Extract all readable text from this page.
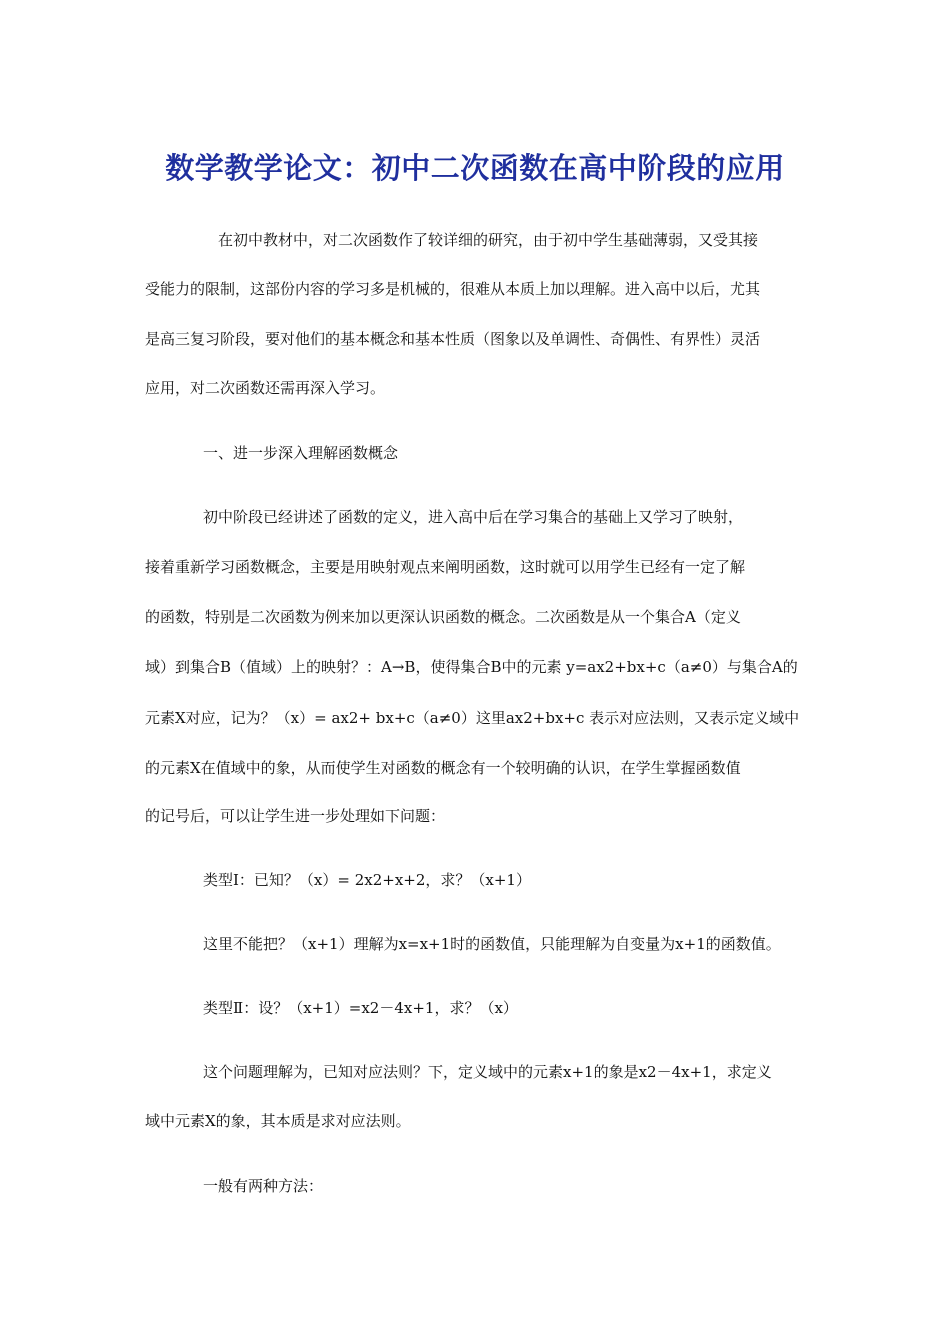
数学教学论文：初中二次函数在高中阶段的应用
在初中教材中，对二次函数作了较详细的研究，由于初中学生基础薄弱，又受其接
受能力的限制，这部份内容的学习多是机械的，很难从本质上加以理解。进入高中以后，尤其
是高三复习阶段，要对他们的基本概念和基本性质（图象以及单调性、奇偶性、有界性）灵活
应用，对二次函数还需再深入学习。
一、进一步深入理解函数概念
初中阶段已经讲述了函数的定义，进入高中后在学习集合的基础上又学习了映射，
接着重新学习函数概念，主要是用映射观点来阐明函数，这时就可以用学生已经有一定了解
的函数，特别是二次函数为例来加以更深认识函数的概念。二次函数是从一个集合A（定义
域）到集合B（值域）上的映射？：A→B，使得集合B中的元素 y=ax2+bx+c（a≠0）与集合A的
元素X对应，记为？（x）= ax2+ bx+c（a≠0）这里ax2+bx+c 表示对应法则，又表示定义域中
的元素X在值域中的象，从而使学生对函数的概念有一个较明确的认识，在学生掌握函数值
的记号后，可以让学生进一步处理如下问题：
类型Ⅰ：已知？（x）= 2x2+x+2，求？（x+1）
这里不能把？（x+1）理解为x=x+1时的函数值，只能理解为自变量为x+1的函数值。
类型Ⅱ：设？（x+1）=x2－4x+1，求？（x）
这个问题理解为，已知对应法则？下，定义域中的元素x+1的象是x2－4x+1，求定义
域中元素X的象，其本质是求对应法则。
一般有两种方法：
